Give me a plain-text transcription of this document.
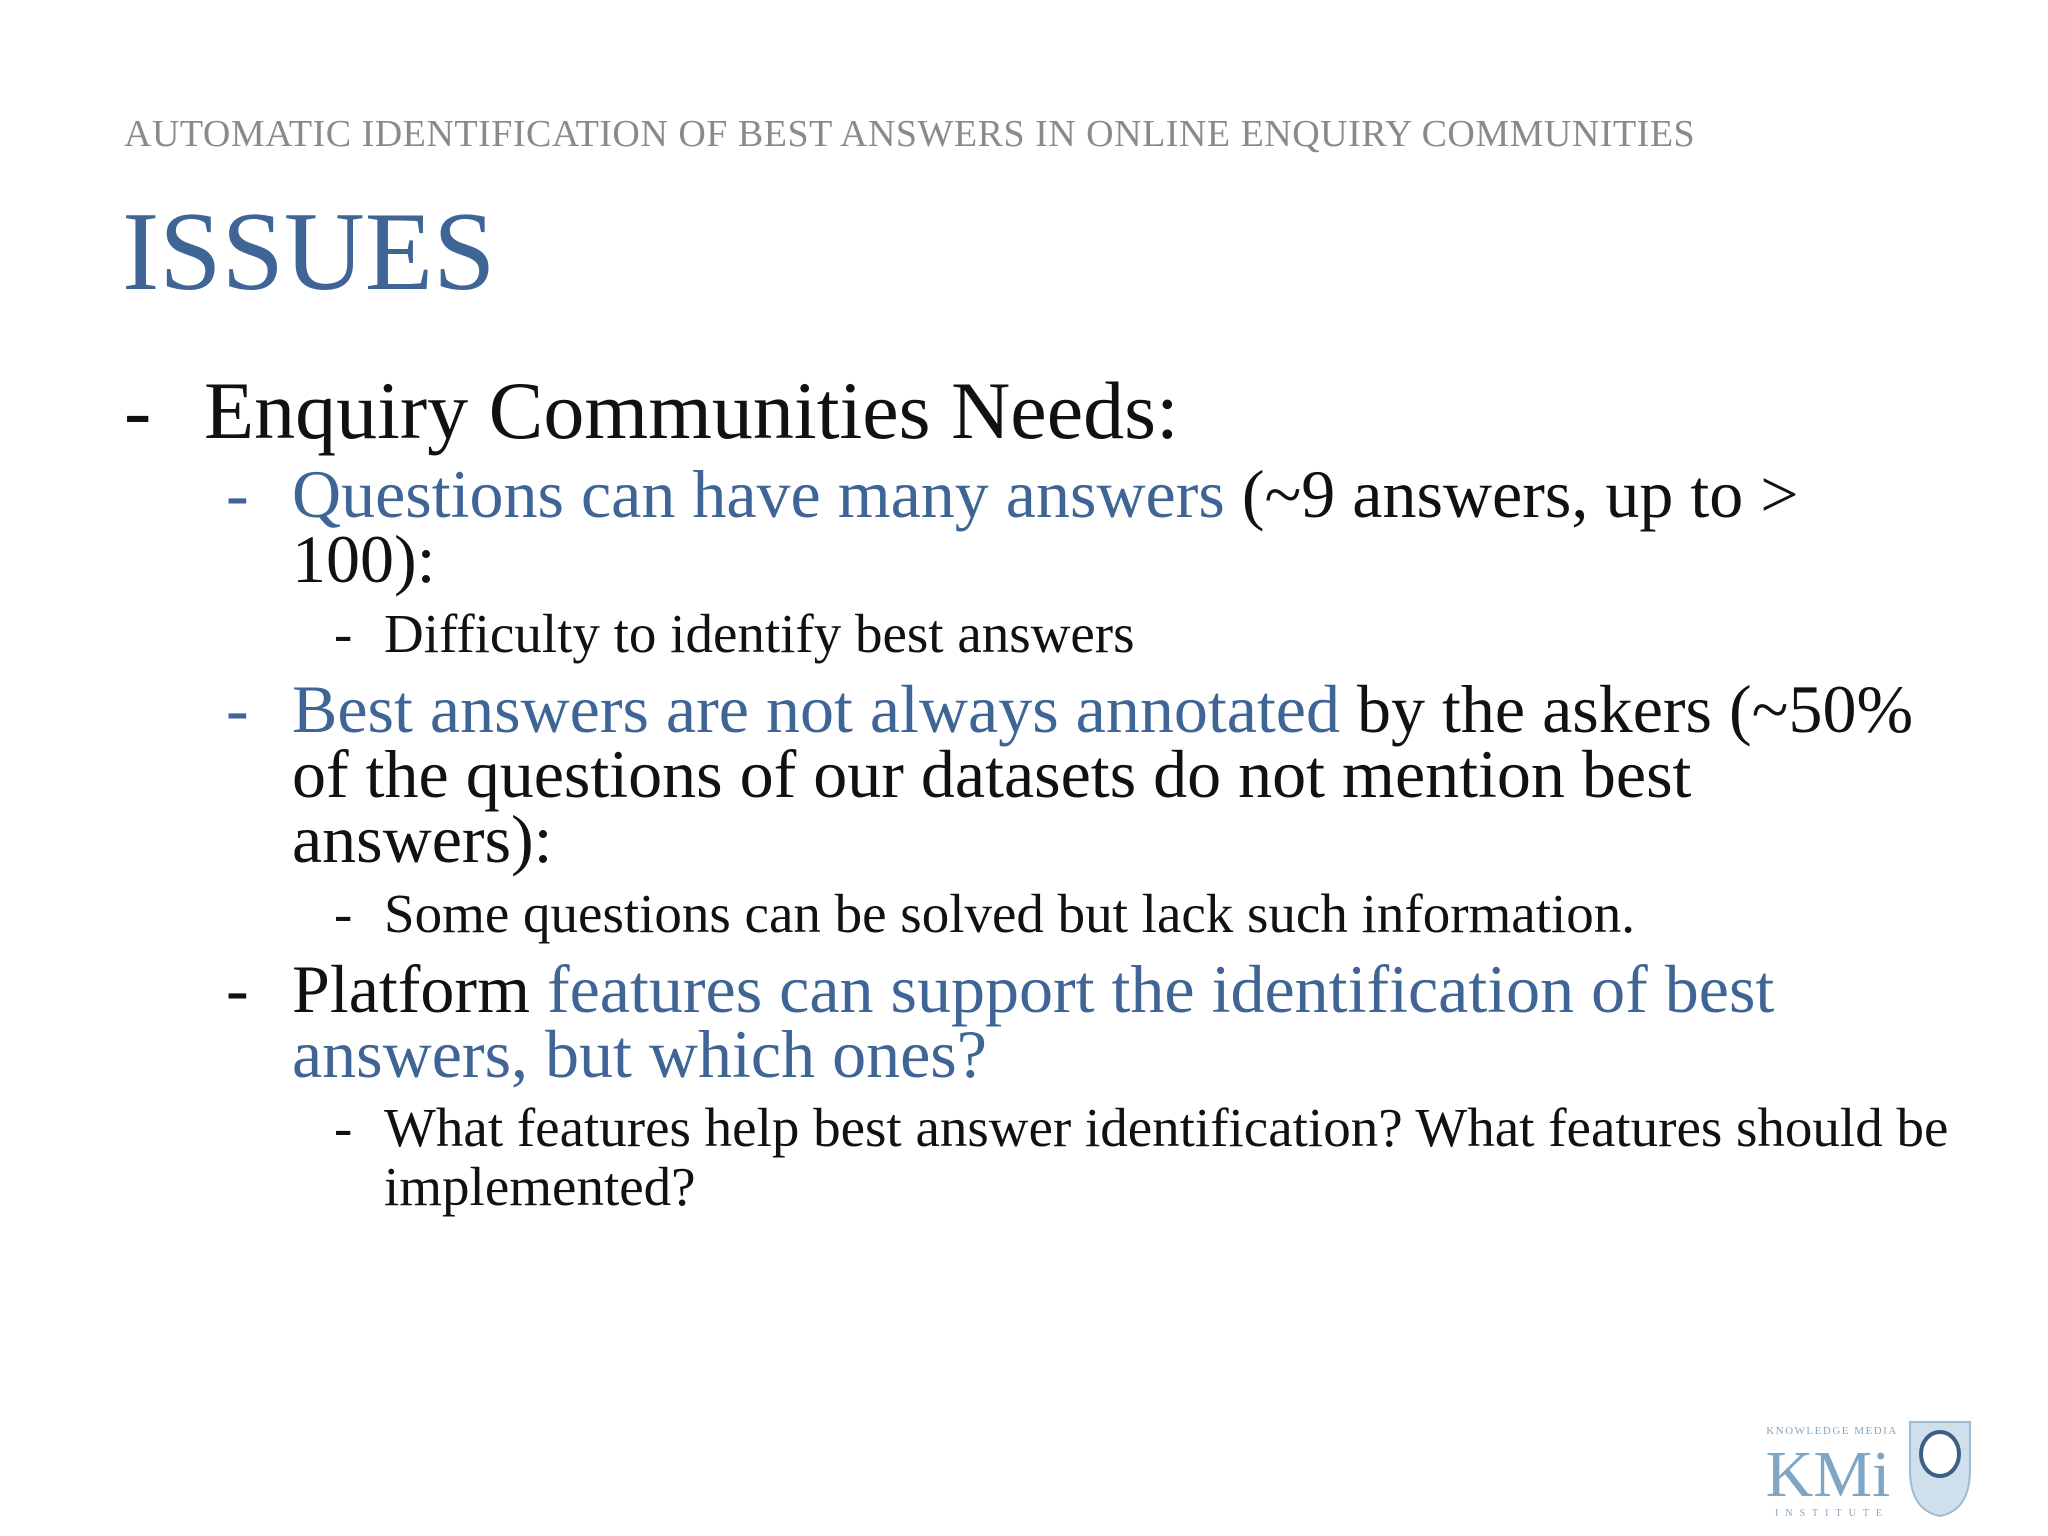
AUTOMATIC IDENTIFICATION OF BEST ANSWERS IN ONLINE ENQUIRY COMMUNITIES
ISSUES
- Enquiry Communities Needs:
- Questions can have many answers (~9 answers, up to > 100):
- Difficulty to identify best answers
- Best answers are not always annotated by the askers (~50% of the questions of our datasets do not mention best answers):
- Some questions can be solved but lack such information.
- Platform features can support the identification of best answers, but which ones?
- What features help best answer identification? What features should be implemented?
KNOWLEDGE MEDIA
KMi
INSTITUTE
